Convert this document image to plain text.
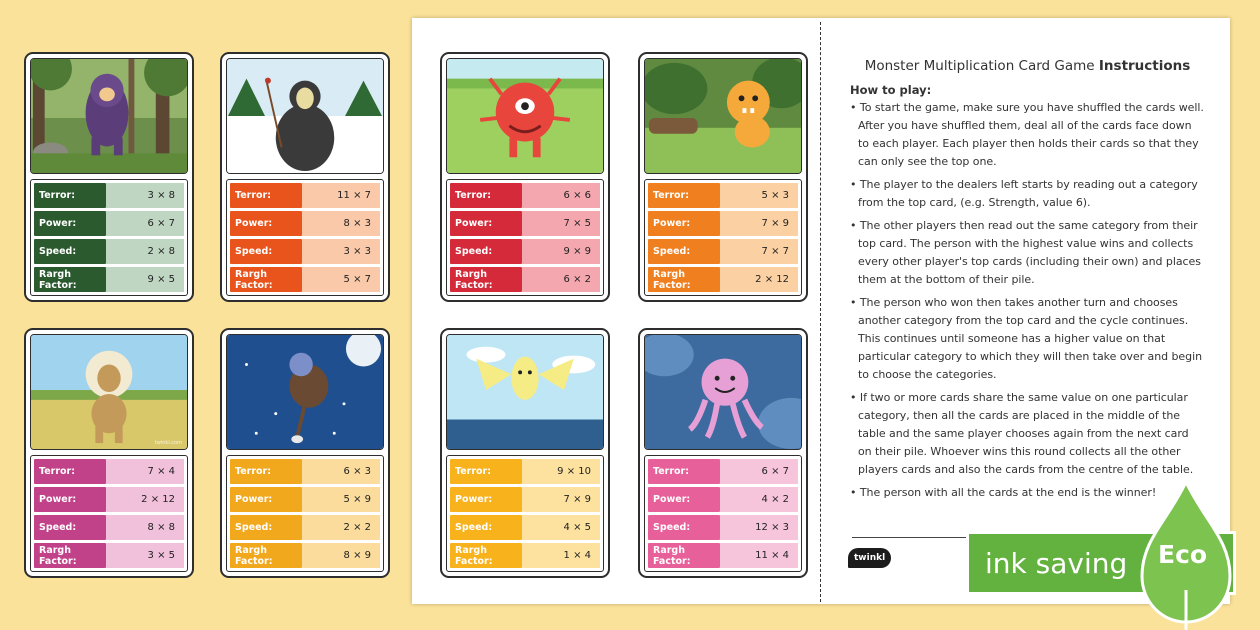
Terror:	3 × 8
Power:	6 × 7
Speed:	2 × 8
Rargh Factor:	9 × 5
Terror:	11 × 7
Power:	8 × 3
Speed:	3 × 3
Rargh Factor:	5 × 7
Terror:	6 × 6
Power:	7 × 5
Speed:	9 × 9
Rargh Factor:	6 × 2
Terror:	5 × 3
Power:	7 × 9
Speed:	7 × 7
Rargh Factor:	2 × 12
twinkl.com
Terror:	7 × 4
Power:	2 × 12
Speed:	8 × 8
Rargh Factor:	3 × 5
Terror:	6 × 3
Power:	5 × 9
Speed:	2 × 2
Rargh Factor:	8 × 9
Terror:	9 × 10
Power:	7 × 9
Speed:	4 × 5
Rargh Factor:	1 × 4
Terror:	6 × 7
Power:	4 × 2
Speed:	12 × 3
Rargh Factor:	11 × 4
Monster Multiplication Card Game Instructions
How to play:
• To start the game, make sure you have shuffled the cards well. After you have shuffled them, deal all of the cards face down to each player. Each player then holds their cards so that they can only see the top one.
• The player to the dealers left starts by reading out a category from the top card, (e.g. Strength, value 6).
• The other players then read out the same category from their top card. The person with the highest value wins and collects every other player's top cards (including their own) and places them at the bottom of their pile.
• The person who won then takes another turn and chooses another category from the top card and the cycle continues. This continues until someone has a higher value on that particular category to which they will then take over and begin to choose the categories.
• If two or more cards share the same value on one particular category, then all the cards are placed in the middle of the table and the same player chooses again from the next card on their pile. Whoever wins this round collects all the other players cards and also the cards from the centre of the table.
• The person with all the cards at the end is the winner!
twinkl	ink saving Eco
